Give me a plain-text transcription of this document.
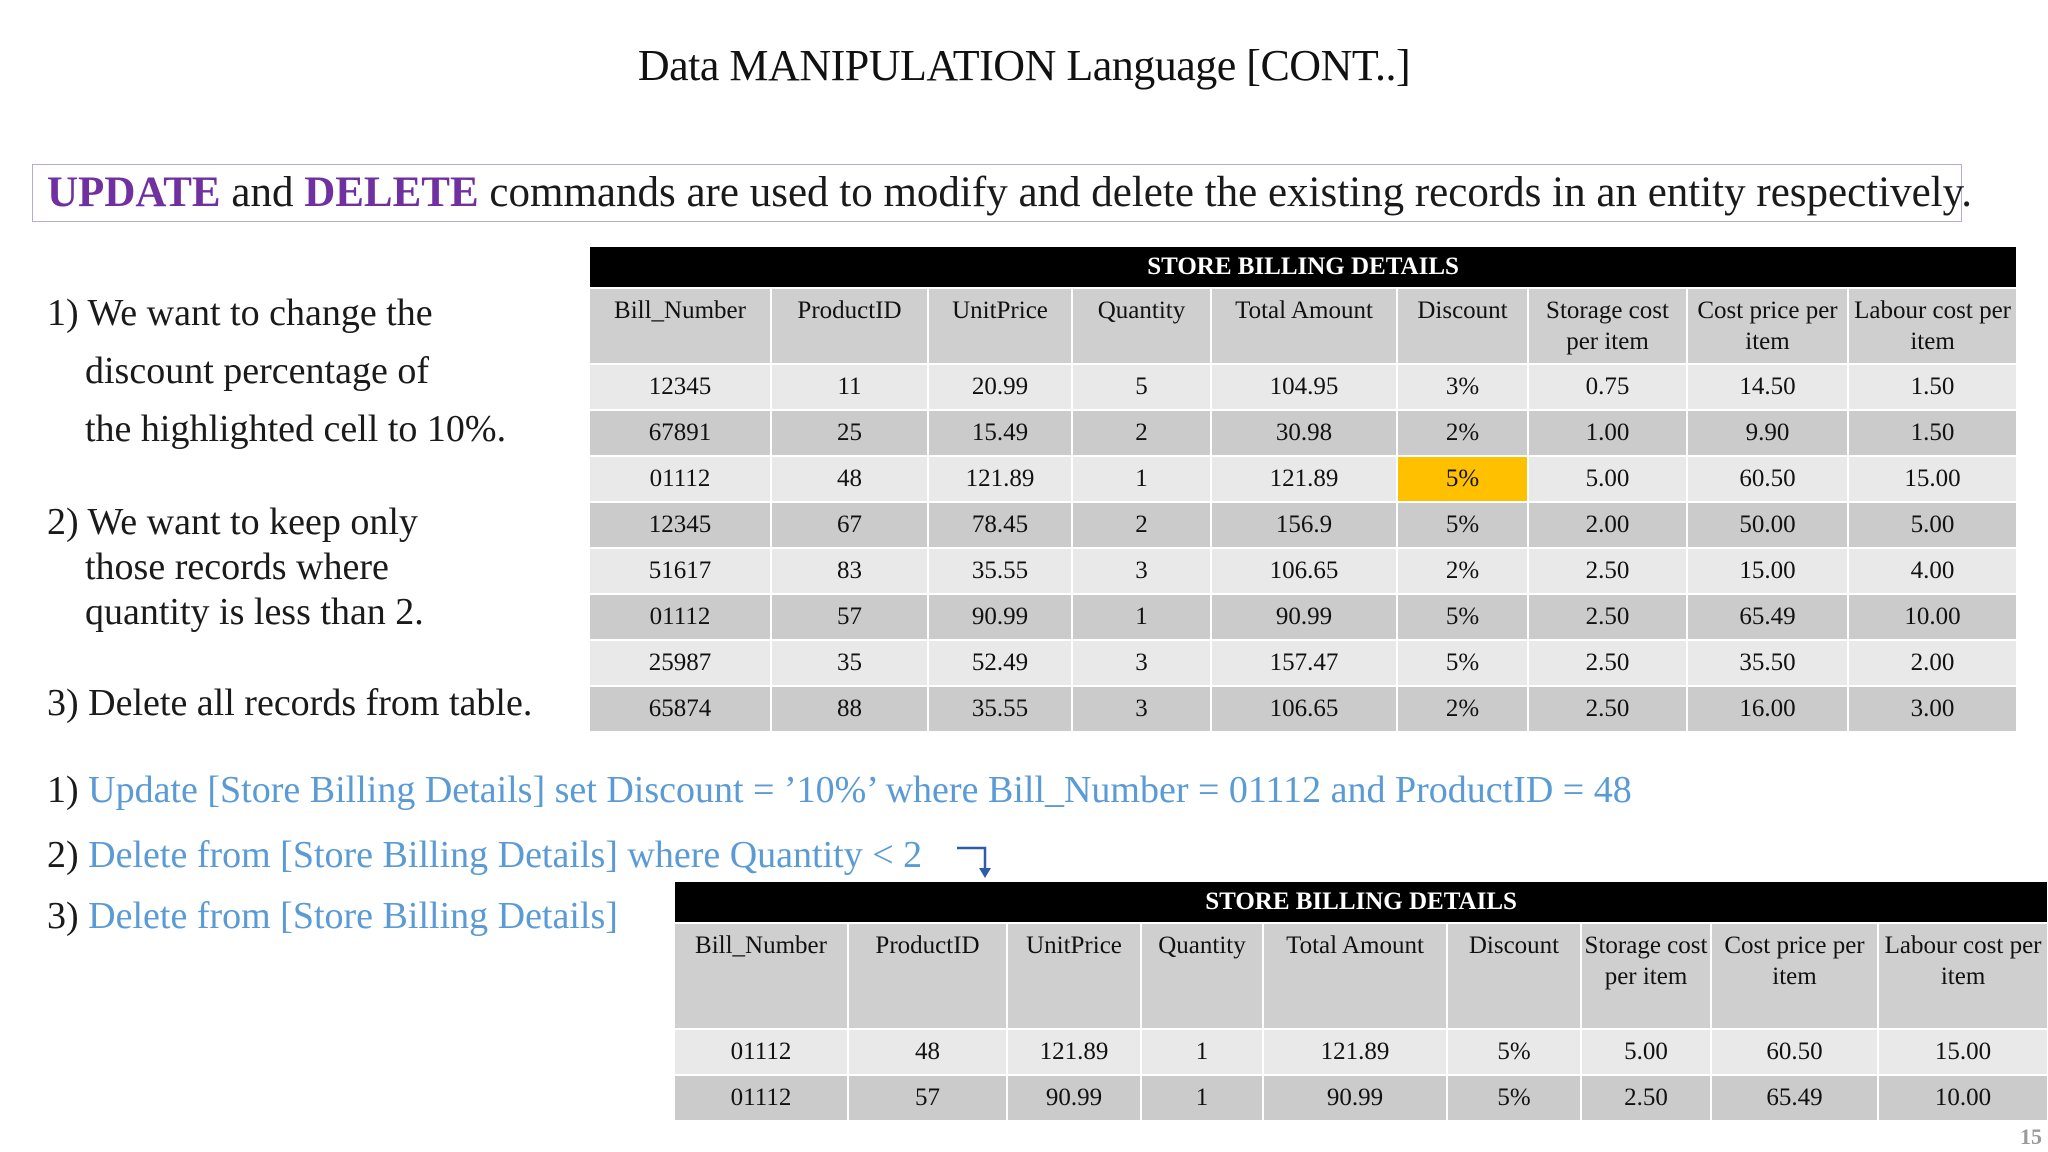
Data MANIPULATION Language [CONT..]
UPDATE and DELETE commands are used to modify and delete the existing records in an entity respectively.
1) We want to change the
discount percentage of
the highlighted cell to 10%.
2) We want to keep only
those records where
quantity is less than 2.
3) Delete all records from table.
STORE BILLING DETAILS								
Bill_Number	ProductID	UnitPrice	Quantity	Total Amount	Discount	Storage cost per item	Cost price per item	Labour cost per item
12345	11	20.99	5	104.95	3%	0.75	14.50	1.50
67891	25	15.49	2	30.98	2%	1.00	9.90	1.50
01112	48	121.89	1	121.89	5%	5.00	60.50	15.00
12345	67	78.45	2	156.9	5%	2.00	50.00	5.00
51617	83	35.55	3	106.65	2%	2.50	15.00	4.00
01112	57	90.99	1	90.99	5%	2.50	65.49	10.00
25987	35	52.49	3	157.47	5%	2.50	35.50	2.00
65874	88	35.55	3	106.65	2%	2.50	16.00	3.00
1) Update [Store Billing Details] set Discount = ’10%’ where Bill_Number = 01112 and ProductID = 48
2) Delete from [Store Billing Details] where Quantity < 2
3) Delete from [Store Billing Details]	STORE BILLING DETAILS								
Bill_Number	ProductID	UnitPrice	Quantity	Total Amount	Discount	Storage cost per item	Cost price per item	Labour cost per item
01112	48	121.89	1	121.89	5%	5.00	60.50	15.00
01112	57	90.99	1	90.99	5%	2.50	65.49	10.00
15
